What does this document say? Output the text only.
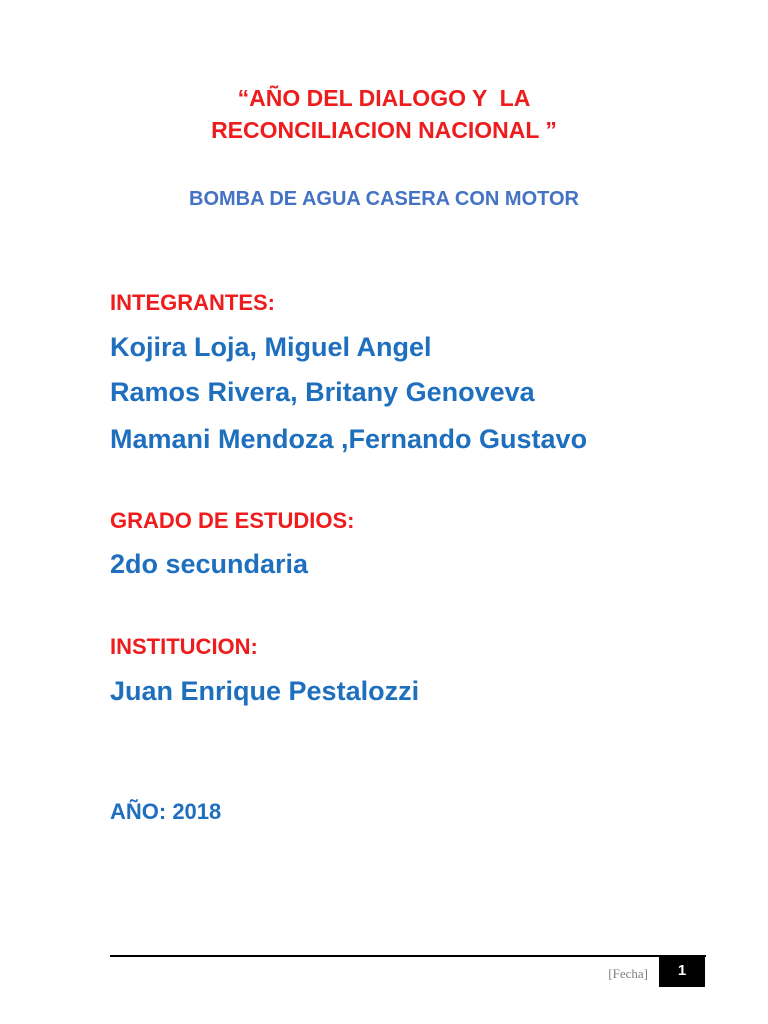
“AÑO DEL DIALOGO Y  LA
RECONCILIACION NACIONAL ”
BOMBA DE AGUA CASERA CON MOTOR
INTEGRANTES:
Kojira Loja, Miguel Angel
Ramos Rivera, Britany Genoveva
Mamani Mendoza ,Fernando Gustavo
GRADO DE ESTUDIOS:
2do secundaria
INSTITUCION:
Juan Enrique Pestalozzi
AÑO: 2018
[Fecha]	1
